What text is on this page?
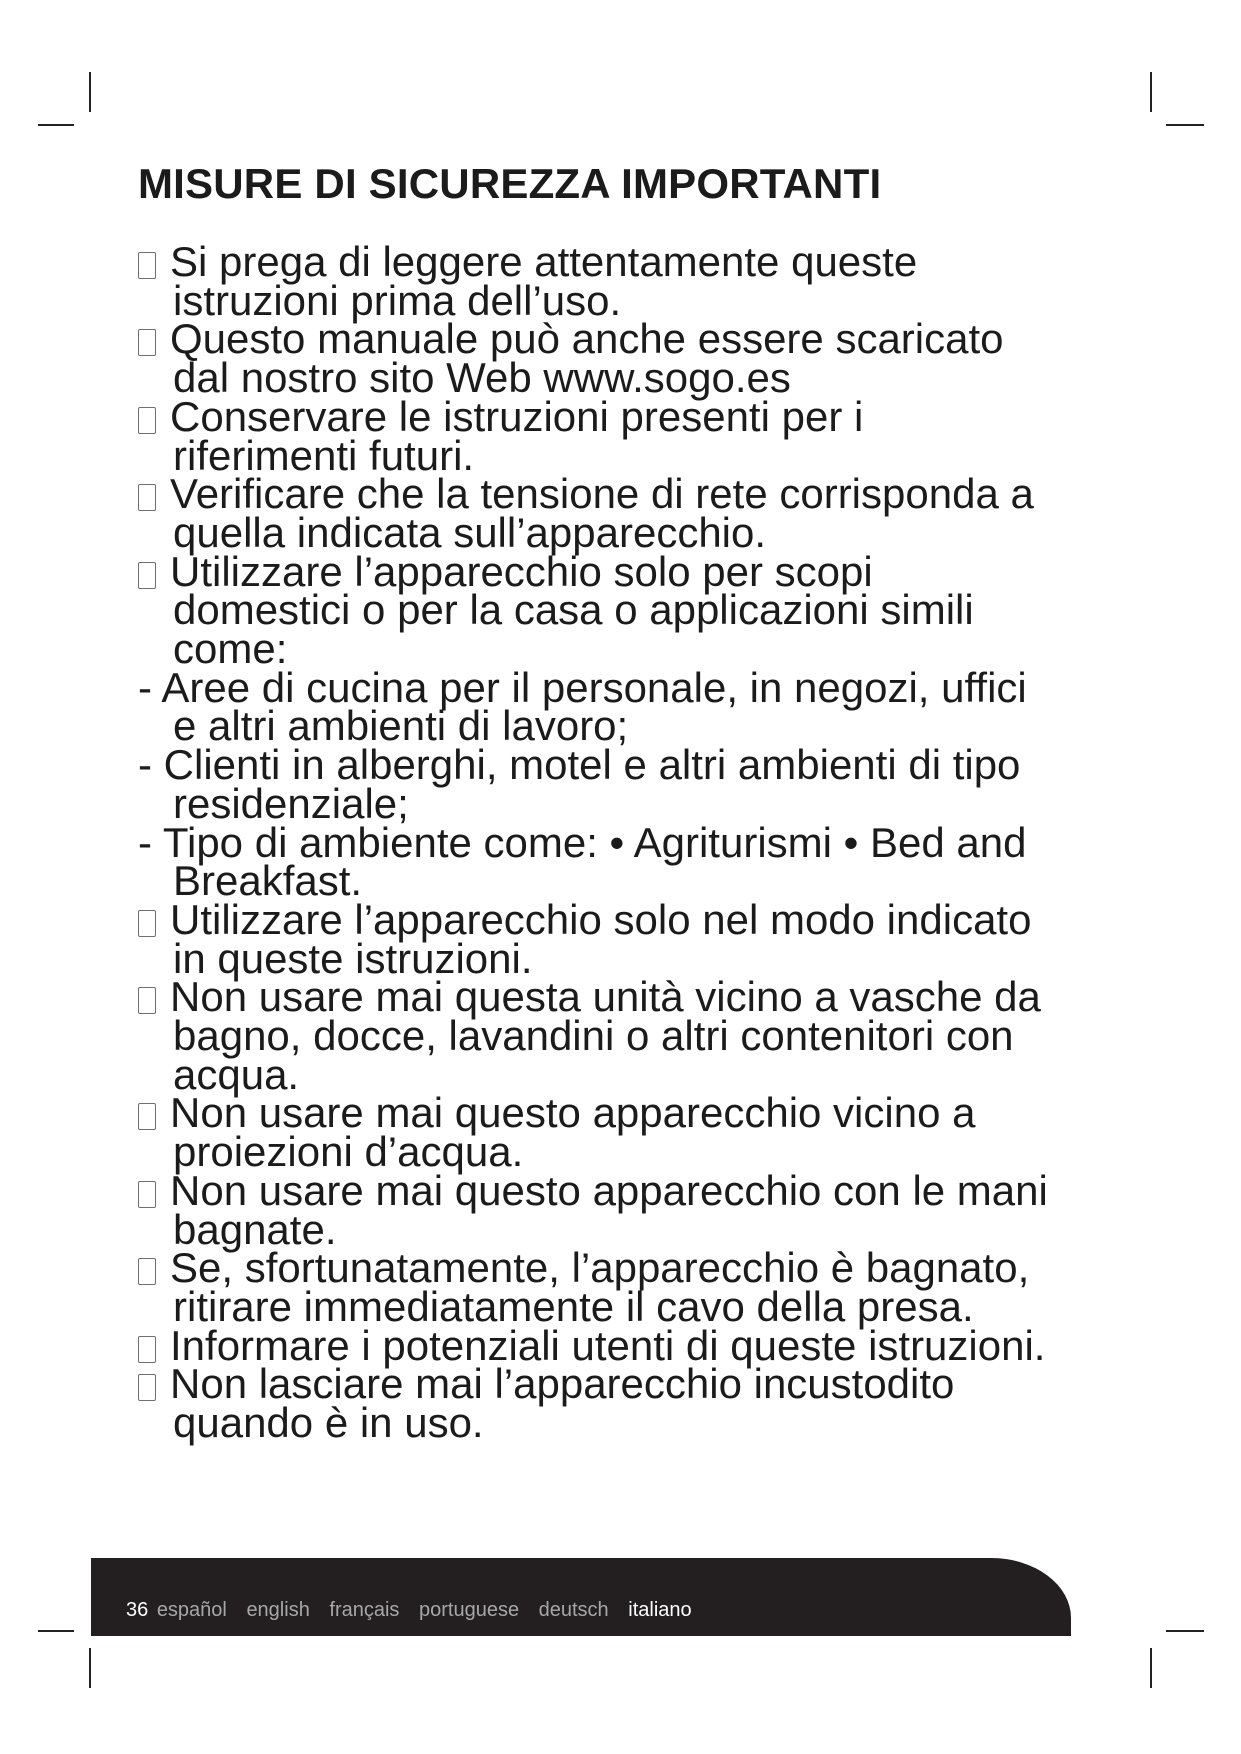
MISURE DI SICUREZZA IMPORTANTI
Si prega di leggere attentamente queste
istruzioni prima dell’uso.
Questo manuale può anche essere scaricato
dal nostro sito Web www.sogo.es
Conservare le istruzioni presenti per i
riferimenti futuri.
Verificare che la tensione di rete corrisponda a
quella indicata sull’apparecchio.
Utilizzare l’apparecchio solo per scopi
domestici o per la casa o applicazioni simili
come:
- Aree di cucina per il personale, in negozi, uffici
e altri ambienti di lavoro;
- Clienti in alberghi, motel e altri ambienti di tipo
residenziale;
- Tipo di ambiente come: • Agriturismi • Bed and
Breakfast.
Utilizzare l’apparecchio solo nel modo indicato
in queste istruzioni.
Non usare mai questa unità vicino a vasche da
bagno, docce, lavandini o altri contenitori con
acqua.
Non usare mai questo apparecchio vicino a
proiezioni d’acqua.
Non usare mai questo apparecchio con le mani
bagnate.
Se, sfortunatamente, l’apparecchio è bagnato,
ritirare immediatamente il cavo della presa.
Informare i potenziali utenti di queste istruzioni.
Non lasciare mai l’apparecchio incustodito
quando è in uso.
36 español english français portuguese deutsch italiano
